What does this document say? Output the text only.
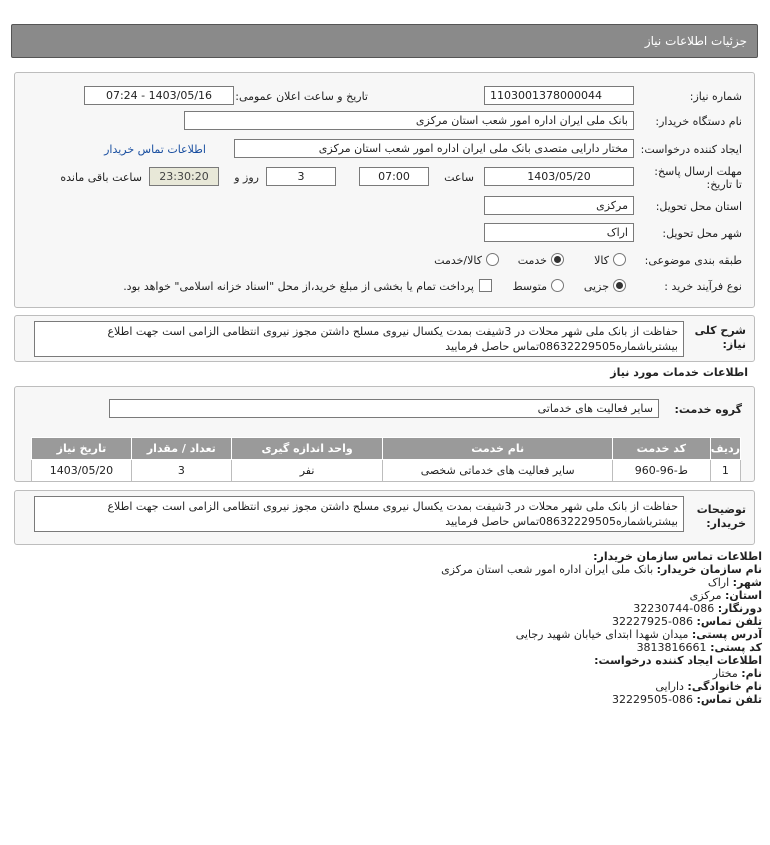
جزئیات اطلاعات نیاز
شماره نیاز:
1103001378000044
تاریخ و ساعت اعلان عمومی:
1403/05/16 - 07:24
نام دستگاه خریدار:
بانک ملی ایران اداره امور شعب استان مرکزی
ایجاد کننده درخواست:
مختار دارایی متصدی بانک ملی ایران اداره امور شعب استان مرکزی
اطلاعات تماس خریدار
مهلت ارسال پاسخ: تا تاریخ:
1403/05/20
ساعت
07:00
3
روز و
23:30:20
ساعت باقی مانده
استان محل تحویل:
مرکزی
شهر محل تحویل:
اراک
طبقه بندی موضوعی:
کالا
خدمت
کالا/خدمت
نوع فرآیند خرید :
جزیی
متوسط
پرداخت تمام یا بخشی از مبلغ خرید،از محل "اسناد خزانه اسلامی" خواهد بود.
شرح کلی نیاز:
حفاظت از بانک ملی شهر محلات در 3شیفت بمدت یکسال نیروی مسلح داشتن مجوز نیروی انتظامی الزامی است جهت اطلاع بیشترباشماره08632229505تماس حاصل فرمایید
اطلاعات خدمات مورد نیاز
گروه خدمت:
سایر فعالیت های خدماتی
ردیف	کد خدمت	نام خدمت	واحد اندازه گیری	تعداد / مقدار	تاریخ نیاز
1	ط-96-960	سایر فعالیت های خدماتی شخصی	نفر	3	1403/05/20
توضیحات خریدار:
حفاظت از بانک ملی شهر محلات در 3شیفت بمدت یکسال نیروی مسلح داشتن مجوز نیروی انتظامی الزامی است جهت اطلاع بیشترباشماره08632229505تماس حاصل فرمایید
اطلاعات تماس سازمان خریدار:
نام سازمان خریدار: بانک ملی ایران اداره امور شعب استان مرکزی
شهر: اراک
استان: مرکزی
دورنگار: 086-32230744
تلفن تماس: 086-32227925
آدرس پستی: میدان شهدا ابتدای خیابان شهید رجایی
کد پستی: 3813816661
اطلاعات ایجاد کننده درخواست:
نام: مختار
نام خانوادگی: دارایی
تلفن تماس: 086-32229505
